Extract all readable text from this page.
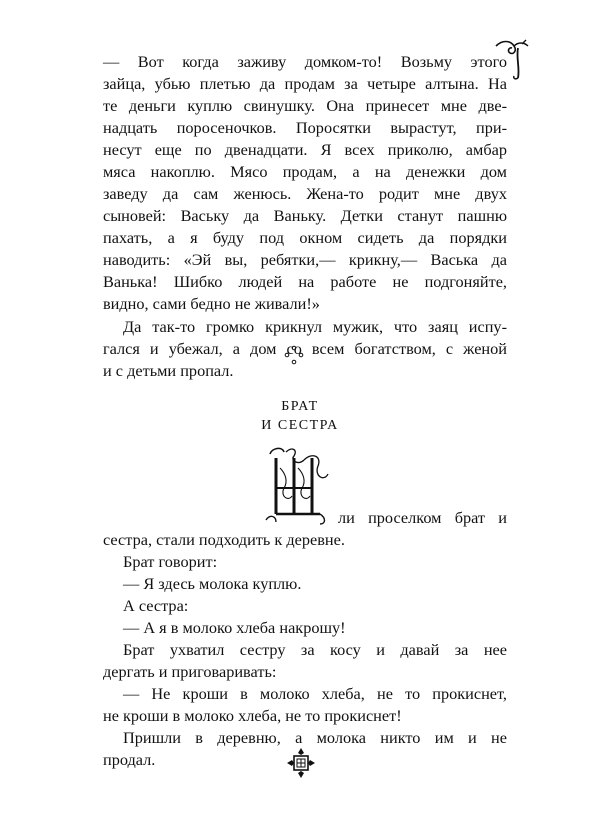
— Вот когда заживу домком-то! Возьму этого

зайца, убью плетью да продам за четыре алтына. На

те деньги куплю свинушку. Она принесет мне две-

надцать поросеночков. Поросятки вырастут, при-

несут еще по двенадцати. Я всех приколю, амбар

мяса накоплю. Мясо продам, а на денежки дом

заведу да сам женюсь. Жена-то родит мне двух

сыновей: Ваську да Ваньку. Детки станут пашню

пахать, а я буду под окном сидеть да порядки

наводить: «Эй вы, ребятки,— крикну,— Васька да

Ванька! Шибко людей на работе не подгоняйте,

видно, сами бедно не живали!»

Да так-то громко крикнул мужик, что заяц испу-

гался и убежал, а дом со всем богатством, с женой

и с детьми пропал.

БРАТ
И СЕСТРА

ли проселком брат и

сестра, стали подходить к деревне.

Брат говорит:

— Я здесь молока куплю.

А сестра:

— А я в молоко хлеба накрошу!

Брат ухватил сестру за косу и давай за нее

дергать и приговаривать:

— Не кроши в молоко хлеба, не то прокиснет,

не кроши в молоко хлеба, не то прокиснет!

Пришли в деревню, а молока никто им и не

продал.
